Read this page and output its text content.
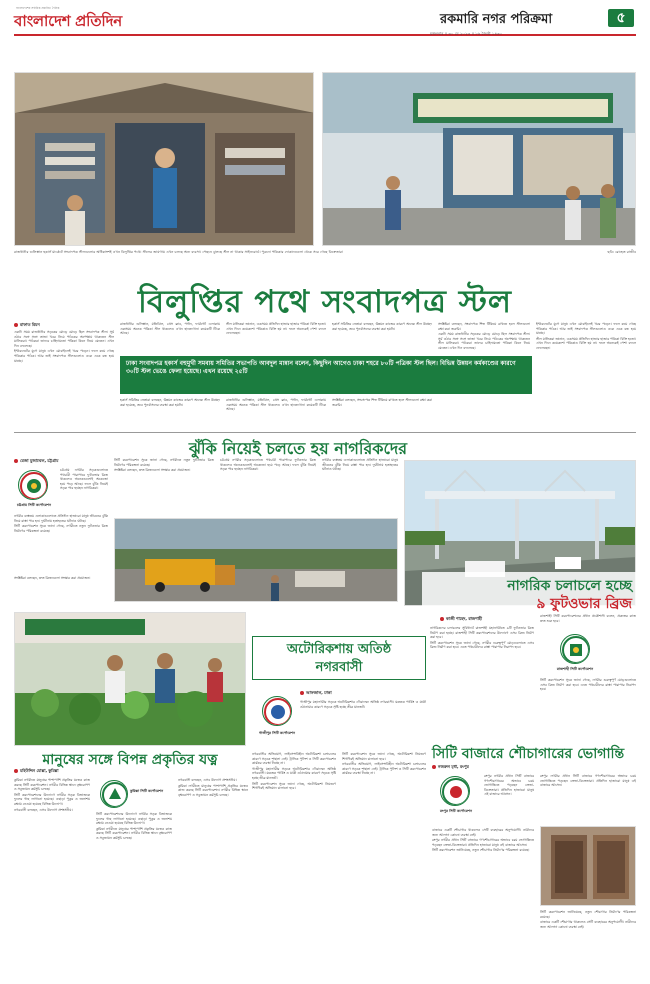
বাংলাদেশের সর্বাধিক প্রচারিত দৈনিক
বাংলাদেশ প্রতিদিন	রকমারি নগর পরিক্রমা	৫
মঙ্গলবার ॥ ৩০ মে ২০২৩ ॥ ১৬ জ্যৈষ্ঠ ১৪৩০
রাজধানীর গুলিস্তান হকার্স মার্কেটে সংবাদপত্র স্টলগুলোর অধিকাংশই এখন বিলুপ্তির পথে। স্টলের জায়গায় এখন চলছে অন্য ব্যবসা। পেছনে ঝুলছে স্টল না থাকার সাইনবোর্ড। পুরনো পত্রিকার দোকানগুলো থেকে সরে গেছে বিক্রেতারা	ছবি: রোহেত রাজীব
বিলুপ্তির পথে সংবাদপত্র স্টল
রাফাত রিমন

একটা সময় রাজধানীর সড়কের মোড়ে মোড়ে ছিল সংবাদপত্র স্টল। সূর্য ওঠার সঙ্গে সঙ্গে তাজা খবর নিয়ে পাঠকের অপেক্ষায় থাকতেন স্টল মালিকরা। পাঠকরা তাদের চাহিদামতো পত্রিকা কিনে নিয়ে যেতেন। এখন দিন বদলেছে।

ইন্টারনেটের যুগে মানুষ এখন মোবাইলেই খবর পড়েন। ফলে কমে গেছে পত্রিকার পাঠক। আর তাই সংবাদপত্র স্টলগুলোও একে একে বন্ধ হয়ে যাচ্ছে।

রাজধানীর গুলিস্তান, মতিঝিল, প্রেস ক্লাব, পল্টন, ফার্মগেট এলাকায় একসময় অনেক পত্রিকা স্টল থাকলেও এখন হাতেগোনা কয়েকটি টিকে আছে।

স্টল মালিকরা জানান, একসময় প্রতিদিন হাজার হাজার পত্রিকা বিক্রি হতো। এখন দিনে কয়েকশো পত্রিকাও বিক্রি হয় না। ফলে অনেকেই পেশা বদলে ফেলেছেন।

হকার্স সমিতির নেতারা বলছেন, উন্নয়ন কাজের কারণে অনেক স্টল উচ্ছেদ করা হয়েছে, তবে পুনর্বাসনের ব্যবস্থা করা হয়নি।

সংশ্লিষ্টরা বলছেন, সংবাদপত্র শিল্প টিকিয়ে রাখতে হলে স্টলগুলো রক্ষা করা জরুরি।

একটা সময় রাজধানীর সড়কের মোড়ে মোড়ে ছিল সংবাদপত্র স্টল। সূর্য ওঠার সঙ্গে সঙ্গে তাজা খবর নিয়ে পাঠকের অপেক্ষায় থাকতেন স্টল মালিকরা। পাঠকরা তাদের চাহিদামতো পত্রিকা কিনে নিয়ে যেতেন। এখন দিন বদলেছে।

ইন্টারনেটের যুগে মানুষ এখন মোবাইলেই খবর পড়েন। ফলে কমে গেছে পত্রিকার পাঠক। আর তাই সংবাদপত্র স্টলগুলোও একে একে বন্ধ হয়ে যাচ্ছে।

স্টল মালিকরা জানান, একসময় প্রতিদিন হাজার হাজার পত্রিকা বিক্রি হতো। এখন দিনে কয়েকশো পত্রিকাও বিক্রি হয় না। ফলে অনেকেই পেশা বদলে ফেলেছেন।

ঢাকা সংবাদপত্র হকার্স বহুমুখী সমবায় সমিতির সভাপতি আবদুল মান্নান বলেন, কিছুদিন আগেও ঢাকা শহরে ৮০টি পত্রিকা স্টল ছিল। বিভিন্ন উন্নয়ন কর্মকাণ্ডের কারণে ৩০টি স্টল ভেঙে ফেলা হয়েছে। এখন রয়েছে ২৫টি

হকার্স সমিতির নেতারা বলছেন, উন্নয়ন কাজের কারণে অনেক স্টল উচ্ছেদ করা হয়েছে, তবে পুনর্বাসনের ব্যবস্থা করা হয়নি।

রাজধানীর গুলিস্তান, মতিঝিল, প্রেস ক্লাব, পল্টন, ফার্মগেট এলাকায় একসময় অনেক পত্রিকা স্টল থাকলেও এখন হাতেগোনা কয়েকটি টিকে আছে।

সংশ্লিষ্টরা বলছেন, সংবাদপত্র শিল্প টিকিয়ে রাখতে হলে স্টলগুলো রক্ষা করা জরুরি।

ঝুঁকি নিয়েই চলতে হয় নাগরিকদের
রেজা মুজাম্মেল, চট্টগ্রাম
চট্টগ্রাম সিটি কর্পোরেশন

চট্টগ্রাম নগরীর সড়কগুলোতে পথচারী পারাপারে ফুটওভার ব্রিজ থাকলেও অনেকগুলোই অকেজো হয়ে পড়ে আছে। ফলে ঝুঁকি নিয়েই সড়ক পার হচ্ছেন নাগরিকরা।

নগরীর ব্যস্ততম এলাকাগুলোতে প্রতিদিন হাজারো মানুষ জীবনের ঝুঁকি নিয়ে রাস্তা পার হন। দুর্ঘটনায় হতাহতের ঘটনাও ঘটছে।

সিটি করপোরেশন সূত্রে জানা গেছে, নগরীতে নতুন ফুটওভার ব্রিজ নির্মাণের পরিকল্পনা রয়েছে।

সিটি করপোরেশন সূত্রে জানা গেছে, নগরীতে নতুন ফুটওভার ব্রিজ নির্মাণের পরিকল্পনা রয়েছে।

সংশ্লিষ্টরা বলছেন, দ্রুত ব্রিজগুলো সংস্কার করা প্রয়োজন।

চট্টগ্রাম নগরীর সড়কগুলোতে পথচারী পারাপারে ফুটওভার ব্রিজ থাকলেও অনেকগুলোই অকেজো হয়ে পড়ে আছে। ফলে ঝুঁকি নিয়েই সড়ক পার হচ্ছেন নাগরিকরা।

নগরীর ব্যস্ততম এলাকাগুলোতে প্রতিদিন হাজারো মানুষ জীবনের ঝুঁকি নিয়ে রাস্তা পার হন। দুর্ঘটনায় হতাহতের ঘটনাও ঘটছে।

সংশ্লিষ্টরা বলছেন, দ্রুত ব্রিজগুলো সংস্কার করা প্রয়োজন।	নাগরিক চলাচলে হচ্ছে
৯ ফুটওভার ব্রিজ
কাজী শাহেদ, রাজশাহী

নাগরিকদের চলাচলের সুবিধার্থে রাজশাহী মহানগরীতে ৯টি ফুটওভার ব্রিজ নির্মাণ করা হচ্ছে। রাজশাহী সিটি করপোরেশনের উদ্যোগে এসব ব্রিজ নির্মাণ করা হবে।

সিটি করপোরেশন সূত্রে জানা গেছে, নগরীর গুরুত্বপূর্ণ মোড়গুলোতে এসব ব্রিজ নির্মাণ করা হবে। এতে পথচারীদের রাস্তা পারাপার নিরাপদ হবে।

রাজশাহী সিটি কর্পোরেশন

রাজশাহী সিটি করপোরেশনের প্রধান প্রকৌশলী বলেন, প্রকল্পের কাজ দ্রুত শুরু হবে।

সিটি করপোরেশন সূত্রে জানা গেছে, নগরীর গুরুত্বপূর্ণ মোড়গুলোতে এসব ব্রিজ নির্মাণ করা হবে। এতে পথচারীদের রাস্তা পারাপার নিরাপদ হবে।

মানুষের সঙ্গে বিপন্ন প্রকৃতির যত্ন
মহিউদ্দিন মোল্লা, কুমিল্লা

কুমিল্লা নগরীতে মানুষের পাশাপাশি প্রকৃতির যত্নেও কাজ করছে সিটি করপোরেশন। নগরীর বিভিন্ন স্থানে বৃক্ষরোপণ ও সবুজায়ন কর্মসূচি চলছে।

সিটি করপোরেশনের উদ্যোগে নগরীর সড়ক বিভাজকে ফুলের গাছ লাগানো হয়েছে। এছাড়া পুকুর ও জলাশয় রক্ষায় নেওয়া হয়েছে বিভিন্ন উদ্যোগ।

নগরবাসী বলছেন, এসব উদ্যোগ প্রশংসনীয়।

কুমিল্লা সিটি কর্পোরেশন

সিটি করপোরেশনের উদ্যোগে নগরীর সড়ক বিভাজকে ফুলের গাছ লাগানো হয়েছে। এছাড়া পুকুর ও জলাশয় রক্ষায় নেওয়া হয়েছে বিভিন্ন উদ্যোগ।

কুমিল্লা নগরীতে মানুষের পাশাপাশি প্রকৃতির যত্নেও কাজ করছে সিটি করপোরেশন। নগরীর বিভিন্ন স্থানে বৃক্ষরোপণ ও সবুজায়ন কর্মসূচি চলছে।

নগরবাসী বলছেন, এসব উদ্যোগ প্রশংসনীয়।

কুমিল্লা নগরীতে মানুষের পাশাপাশি প্রকৃতির যত্নেও কাজ করছে সিটি করপোরেশন। নগরীর বিভিন্ন স্থানে বৃক্ষরোপণ ও সবুজায়ন কর্মসূচি চলছে।

অটোরিকশায় অতিষ্ঠ
নগরবাসী
আফজাল, ঢাকা
গাজীপুর সিটি কর্পোরেশন

গাজীপুর মহানগরীর সড়কে অটোরিকশার দৌরাত্ম্যে অতিষ্ঠ নগরবাসী। যত্রতত্র পার্কিং ও যাত্রী ওঠানামার কারণে সড়কে সৃষ্টি হচ্ছে তীব্র যানজট।

নগরবাসীর অভিযোগ, লাইসেন্সবিহীন অটোরিকশা চলাচলের কারণে সড়কে শৃঙ্খলা নেই। ট্রাফিক পুলিশ ও সিটি করপোরেশন কার্যকর ব্যবস্থা নিচ্ছে না।

গাজীপুর মহানগরীর সড়কে অটোরিকশার দৌরাত্ম্যে অতিষ্ঠ নগরবাসী। যত্রতত্র পার্কিং ও যাত্রী ওঠানামার কারণে সড়কে সৃষ্টি হচ্ছে তীব্র যানজট।

সিটি করপোরেশন সূত্রে জানা গেছে, অটোরিকশা নিয়ন্ত্রণে শিগগিরই অভিযান চালানো হবে।

সিটি করপোরেশন সূত্রে জানা গেছে, অটোরিকশা নিয়ন্ত্রণে শিগগিরই অভিযান চালানো হবে।

নগরবাসীর অভিযোগ, লাইসেন্সবিহীন অটোরিকশা চলাচলের কারণে সড়কে শৃঙ্খলা নেই। ট্রাফিক পুলিশ ও সিটি করপোরেশন কার্যকর ব্যবস্থা নিচ্ছে না।

সিটি বাজারে শৌচাগারের ভোগান্তি
নজরুল মৃধা, রংপুর
রংপুর সিটি কর্পোরেশন

রংপুর নগরীর প্রধান সিটি বাজারে গণশৌচাগারের অভাবে চরম ভোগান্তিতে পড়ছেন ক্রেতা-বিক্রেতারা। প্রতিদিন হাজারো মানুষ এই বাজারে আসেন।

বাজারে একটি শৌচাগার থাকলেও সেটি ব্যবহারের অনুপযোগী। নারীদের জন্য আলাদা কোনো ব্যবস্থা নেই।

রংপুর নগরীর প্রধান সিটি বাজারে গণশৌচাগারের অভাবে চরম ভোগান্তিতে পড়ছেন ক্রেতা-বিক্রেতারা। প্রতিদিন হাজারো মানুষ এই বাজারে আসেন।

সিটি করপোরেশন জানিয়েছে, নতুন শৌচাগার নির্মাণের পরিকল্পনা রয়েছে।

সিটি করপোরেশন জানিয়েছে, নতুন শৌচাগার নির্মাণের পরিকল্পনা রয়েছে।

বাজারে একটি শৌচাগার থাকলেও সেটি ব্যবহারের অনুপযোগী। নারীদের জন্য আলাদা কোনো ব্যবস্থা নেই।

রংপুর নগরীর প্রধান সিটি বাজারে গণশৌচাগারের অভাবে চরম ভোগান্তিতে পড়ছেন ক্রেতা-বিক্রেতারা। প্রতিদিন হাজারো মানুষ এই বাজারে আসেন।
